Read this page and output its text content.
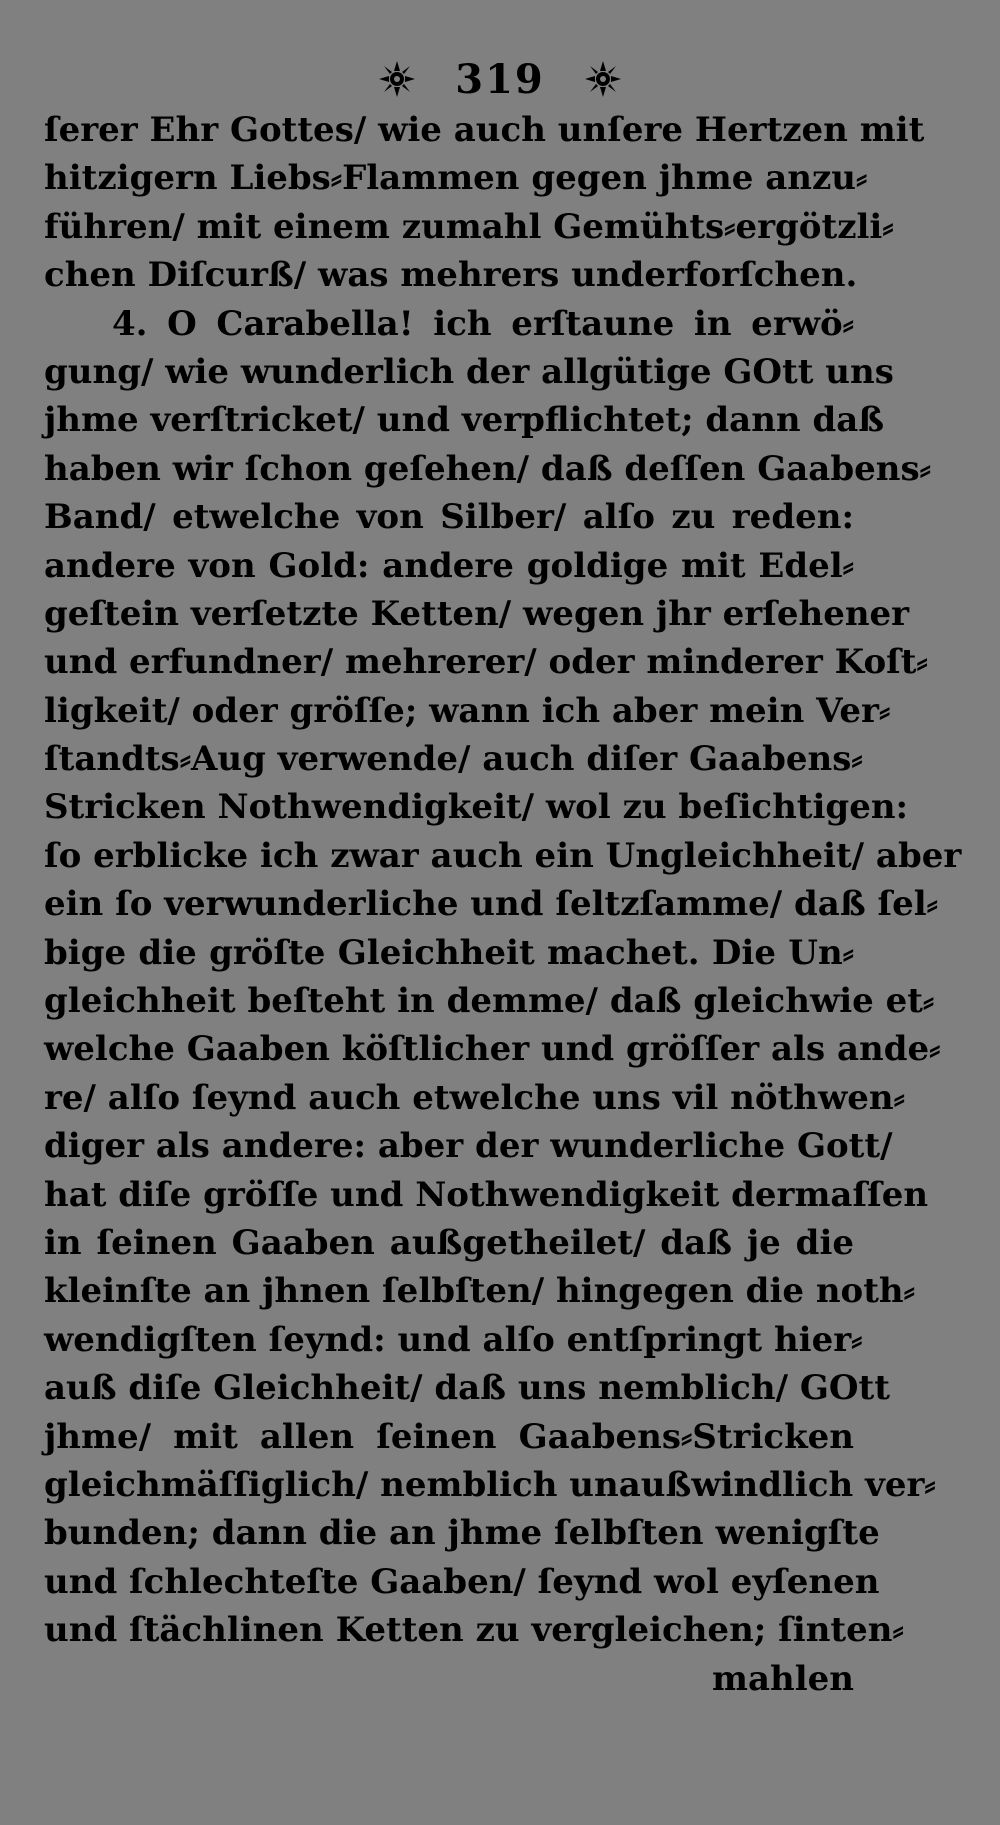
319
ſerer Ehr Gottes/ wie auch unſere Hertzen mit
hitzigern Liebs⸗Flammen gegen jhme anzu⸗
führen/ mit einem zumahl Gemühts⸗ergötzli⸗
chen Diſcurß/ was mehrers underforſchen.
4. O Carabella! ich erſtaune in erwö⸗
gung/ wie wunderlich der allgütige GOtt uns
jhme verſtricket/ und verpflichtet; dann daß
haben wir ſchon geſehen/ daß deſſen Gaabens⸗
Band/ etwelche von Silber/ alſo zu reden:
andere von Gold: andere goldige mit Edel⸗
geſtein verſetzte Ketten/ wegen jhr erſehener
und erfundner/ mehrerer/ oder minderer Koſt⸗
ligkeit/ oder gröſſe; wann ich aber mein Ver⸗
ſtandts⸗Aug verwende/ auch diſer Gaabens⸗
Stricken Nothwendigkeit/ wol zu beſichtigen:
ſo erblicke ich zwar auch ein Ungleichheit/ aber
ein ſo verwunderliche und ſeltzſamme/ daß ſel⸗
bige die gröſte Gleichheit machet. Die Un⸗
gleichheit beſteht in demme/ daß gleichwie et⸗
welche Gaaben köſtlicher und gröſſer als ande⸗
re/ alſo ſeynd auch etwelche uns vil nöthwen⸗
diger als andere: aber der wunderliche Gott/
hat diſe gröſſe und Nothwendigkeit dermaſſen
in ſeinen Gaaben außgetheilet/ daß je die
kleinſte an jhnen ſelbſten/ hingegen die noth⸗
wendigſten ſeynd: und alſo entſpringt hier⸗
auß diſe Gleichheit/ daß uns nemblich/ GOtt
jhme/ mit allen ſeinen Gaabens⸗Stricken
gleichmäſſiglich/ nemblich unaußwindlich ver⸗
bunden; dann die an jhme ſelbſten wenigſte
und ſchlechteſte Gaaben/ ſeynd wol eyſenen
und ſtächlinen Ketten zu vergleichen; ſinten⸗
mahlen
